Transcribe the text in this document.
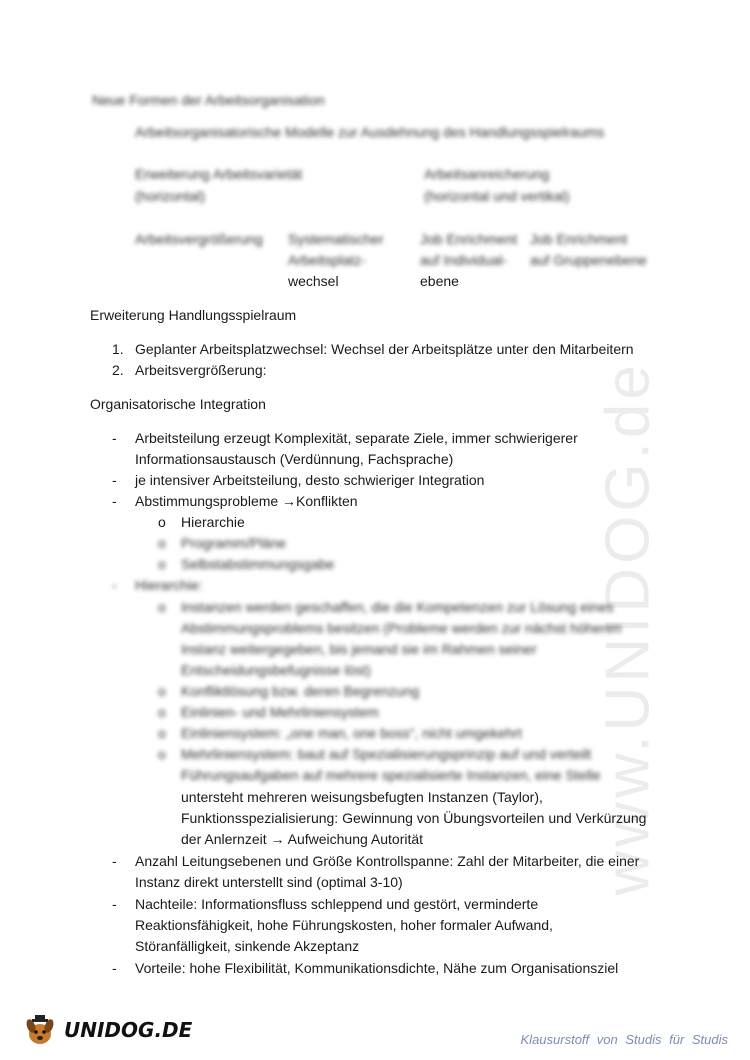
www.UNIDOG.de
Neue Formen der Arbeitsorganisation
Arbeitsorganisatorische Modelle zur Ausdehnung des Handlungsspielraums
Erweiterung Arbeitsvarietät
(horizontal)
Arbeitsanreicherung
(horizontal und vertikal)
Arbeitsvergrößerung Systematischer
Arbeitsplatz-
Job Enrichment
auf Individual-
Job Enrichment
auf Gruppenebene
wechsel	ebene
Erweiterung Handlungsspielraum
1. Geplanter Arbeitsplatzwechsel: Wechsel der Arbeitsplätze unter den Mitarbeitern
2. Arbeitsvergrößerung:
Organisatorische Integration
- Arbeitsteilung erzeugt Komplexität, separate Ziele, immer schwierigerer
Informationsaustausch (Verdünnung, Fachsprache)
- je intensiver Arbeitsteilung, desto schwieriger Integration
- Abstimmungsprobleme →Konflikten
o Hierarchie
o Programm/Pläne
o Selbstabstimmungsgabe
- Hierarchie:
o Instanzen werden geschaffen, die die Kompetenzen zur Lösung eines
Abstimmungsproblems besitzen (Probleme werden zur nächst höheren
Instanz weitergegeben, bis jemand sie im Rahmen seiner
Entscheidungsbefugnisse löst)
o Konfliktlösung bzw. deren Begrenzung
o Einlinien- und Mehrliniensystem
o Einliniensystem: „one man, one boss“, nicht umgekehrt
o Mehrliniensystem: baut auf Spezialisierungsprinzip auf und verteilt
Führungsaufgaben auf mehrere spezialisierte Instanzen, eine Stelle
untersteht mehreren weisungsbefugten Instanzen (Taylor),
Funktionsspezialisierung: Gewinnung von Übungsvorteilen und Verkürzung
der Anlernzeit → Aufweichung Autorität
- Anzahl Leitungsebenen und Größe Kontrollspanne: Zahl der Mitarbeiter, die einer
Instanz direkt unterstellt sind (optimal 3-10)
- Nachteile: Informationsfluss schleppend und gestört, verminderte
Reaktionsfähigkeit, hohe Führungskosten, hoher formaler Aufwand,
Störanfälligkeit, sinkende Akzeptanz
- Vorteile: hohe Flexibilität, Kommunikationsdichte, Nähe zum Organisationsziel
UNIDOG.DE	Klausurstoff von Studis für Studis
